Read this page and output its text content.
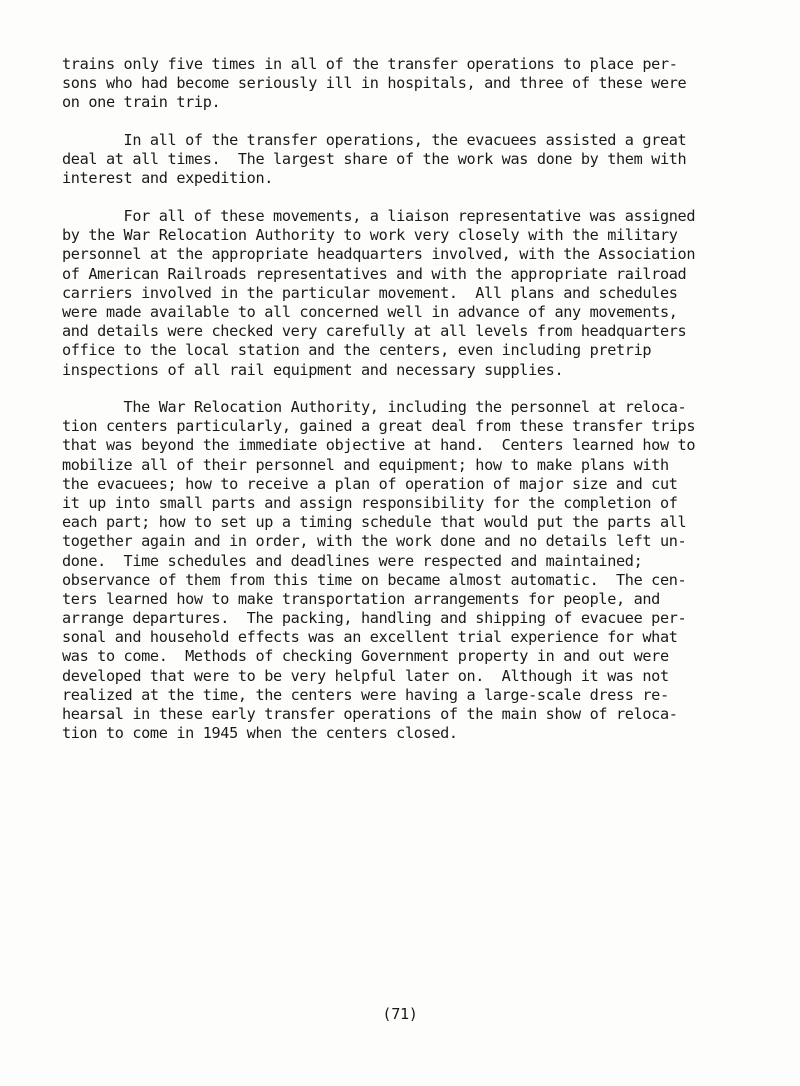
trains only five times in all of the transfer operations to place per-
sons who had become seriously ill in hospitals, and three of these were
on one train trip.
In all of the transfer operations, the evacuees assisted a great
deal at all times.  The largest share of the work was done by them with
interest and expedition.
For all of these movements, a liaison representative was assigned
by the War Relocation Authority to work very closely with the military
personnel at the appropriate headquarters involved, with the Association
of American Railroads representatives and with the appropriate railroad
carriers involved in the particular movement.  All plans and schedules
were made available to all concerned well in advance of any movements,
and details were checked very carefully at all levels from headquarters
office to the local station and the centers, even including pretrip
inspections of all rail equipment and necessary supplies.
The War Relocation Authority, including the personnel at reloca-
tion centers particularly, gained a great deal from these transfer trips
that was beyond the immediate objective at hand.  Centers learned how to
mobilize all of their personnel and equipment; how to make plans with
the evacuees; how to receive a plan of operation of major size and cut
it up into small parts and assign responsibility for the completion of
each part; how to set up a timing schedule that would put the parts all
together again and in order, with the work done and no details left un-
done.  Time schedules and deadlines were respected and maintained;
observance of them from this time on became almost automatic.  The cen-
ters learned how to make transportation arrangements for people, and
arrange departures.  The packing, handling and shipping of evacuee per-
sonal and household effects was an excellent trial experience for what
was to come.  Methods of checking Government property in and out were
developed that were to be very helpful later on.  Although it was not
realized at the time, the centers were having a large-scale dress re-
hearsal in these early transfer operations of the main show of reloca-
tion to come in 1945 when the centers closed.
(71)
